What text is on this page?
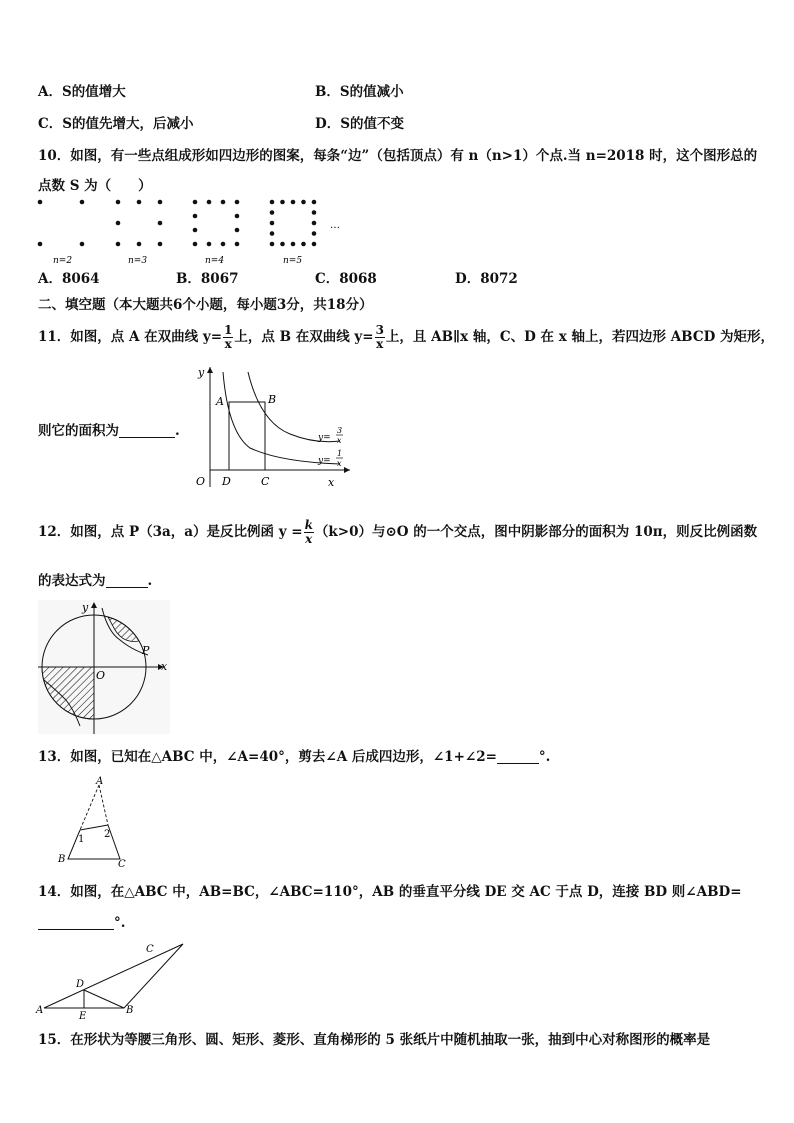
A．S的值增大	B．S的值减小
C．S的值先增大，后减小	D．S的值不变
10．如图，有一些点组成形如四边形的图案，每条“边”（包括顶点）有 n（n>1）个点.当 n=2018 时，这个图形总的
点数 S 为（　　）
n=2	n=3	n=4	n=5
…
A．8064	B．8067	C．8068	D．8072
二、填空题（本大题共6个小题，每小题3分，共18分）
11．如图，点 A 在双曲线 $y= \frac{1}{x}$ 上，点 B 在双曲线 $y= \frac{3}{x}$ 上，且 AB∥x 轴，C、D 在 x 轴上，若四边形 ABCD 为矩形，
则它的面积为	.
y
x
O
A	B
D	C
y=
3
x
y=
1
x
12．如图，点 P（3a，a）是反比例函 $y = \frac{k}{x} (k>0)$与⊙O 的一个交点，图中阴影部分的面积为 10π，则反比例函数
的表达式为	.
y
x
O
P
13．如图，已知在△ABC 中，∠A=40°，剪去∠A 后成四边形，∠1+∠2=	°.
A
B	C
1 2
14．如图，在△ABC 中，AB=BC，∠ABC=110°，AB 的垂直平分线 DE 交 AC 于点 D，连接 BD 则∠ABD=
°.
A	B
C
D
E
15．在形状为等腰三角形、圆、矩形、菱形、直角梯形的 5 张纸片中随机抽取一张，抽到中心对称图形的概率是
